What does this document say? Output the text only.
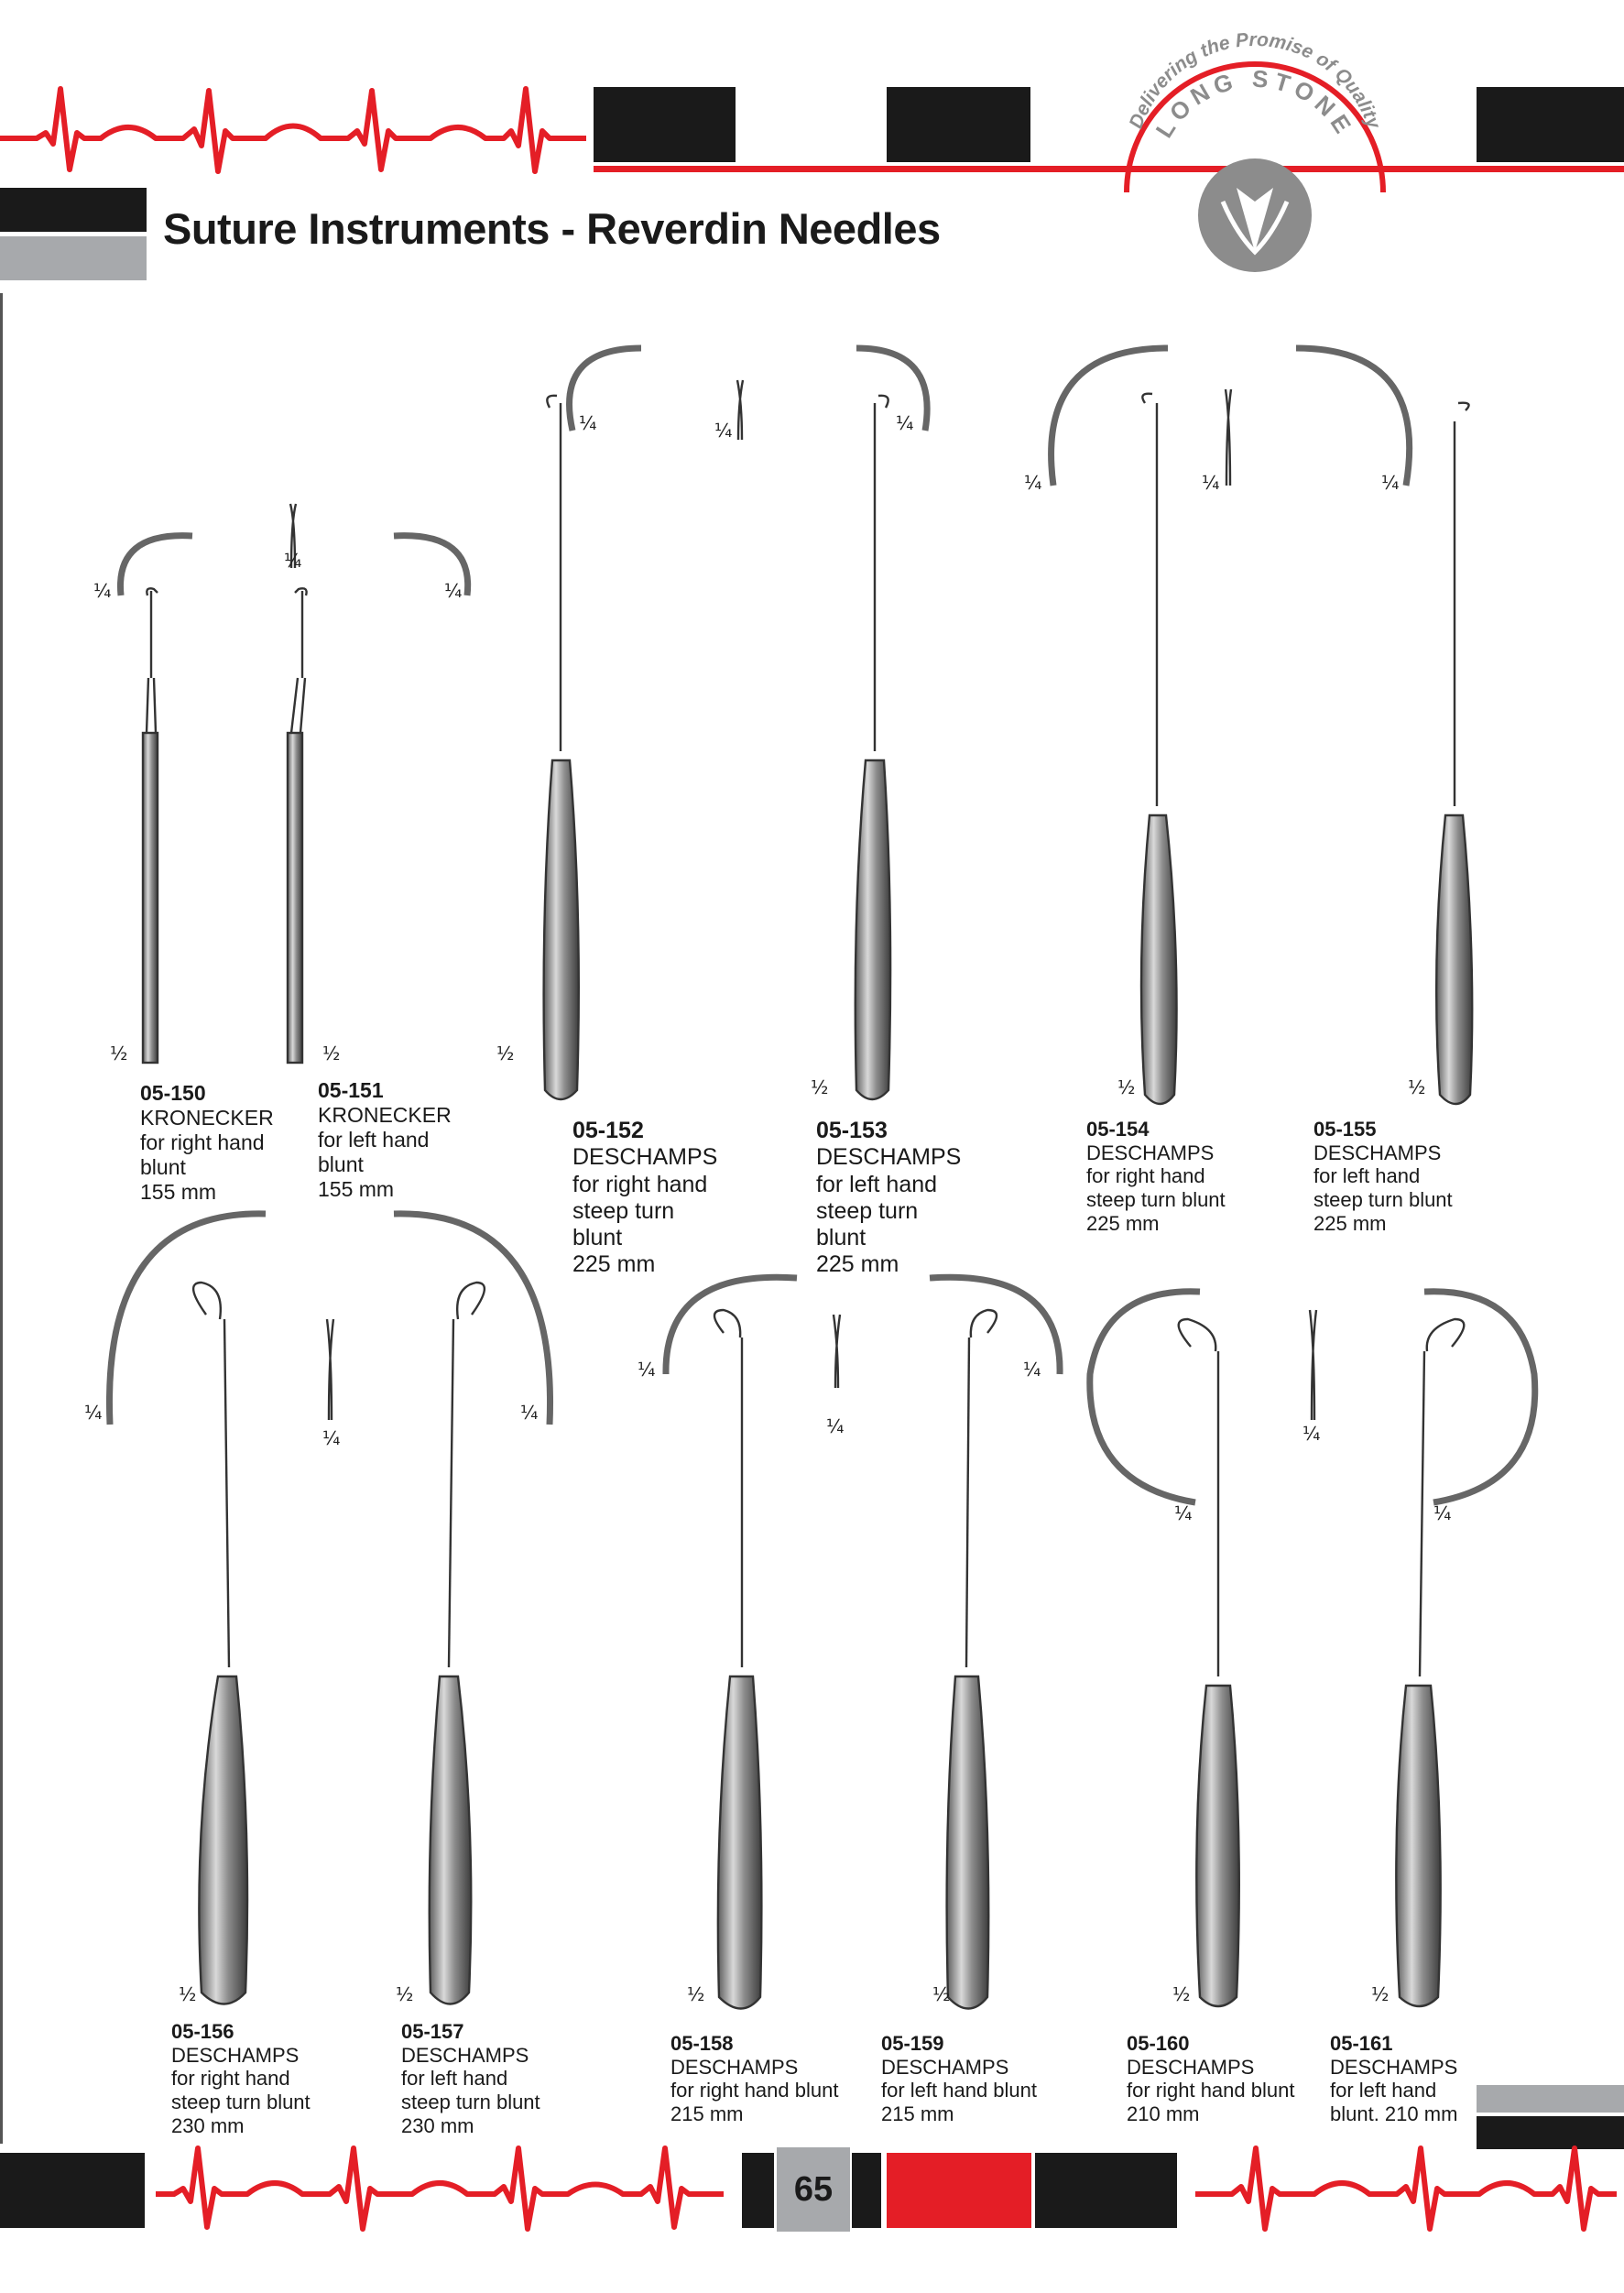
Suture Instruments - Reverdin Needles
Delivering the Promise of Quality
LONG STONE
¼
¼
¼
½	½	½
¼	¼	¼
½
¼	¼	¼
½	½
¼
¼
¼
½	½
¼
¼
¼
½	½
¼
¼
¼
½	½
05-150
KRONECKER
for right hand
blunt
155 mm
05-151
KRONECKER
for left hand
blunt
155 mm
05-152
DESCHAMPS
for right hand
steep turn
blunt
225 mm
05-153
DESCHAMPS
for left hand
steep turn
blunt
225 mm
05-154
DESCHAMPS
for right hand
steep turn blunt
225 mm
05-155
DESCHAMPS
for left hand
steep turn blunt
225 mm
05-156
DESCHAMPS
for right hand
steep turn blunt
230 mm
05-157
DESCHAMPS
for left hand
steep turn blunt
230 mm
05-158
DESCHAMPS
for right hand blunt
215 mm
05-159
DESCHAMPS
for left hand blunt
215 mm
05-160
DESCHAMPS
for right hand blunt
210 mm
05-161
DESCHAMPS
for left hand
blunt. 210 mm
65
